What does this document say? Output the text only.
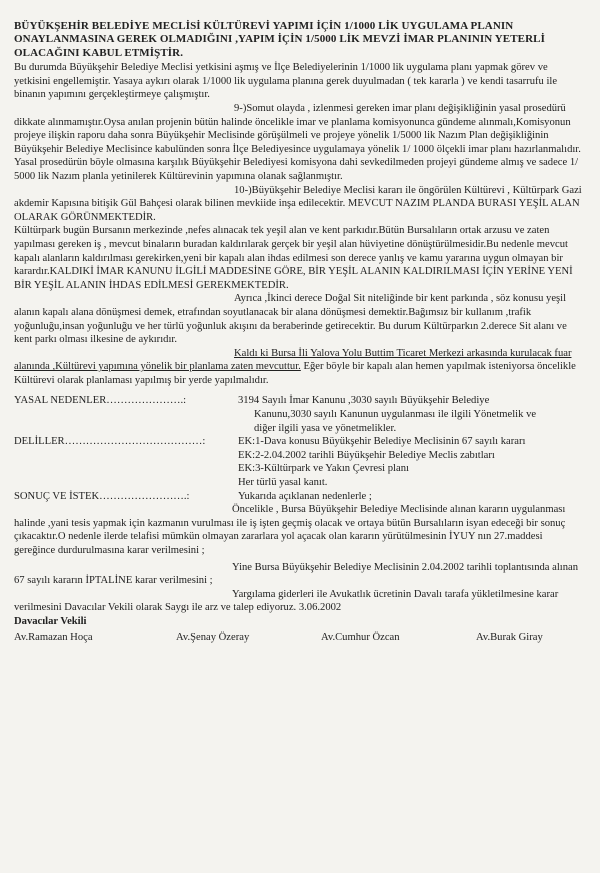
BÜYÜKŞEHİR BELEDİYE MECLİSİ KÜLTÜREVİ YAPIMI İÇİN 1/1000 LİK UYGULAMA PLANIN ONAYLANMASINA GEREK OLMADIĞINI ,YAPIM İÇİN 1/5000 LİK MEVZİ İMAR PLANININ YETERLİ OLACAĞINI KABUL ETMİŞTİR.

Bu durumda Büyükşehir Belediye Meclisi yetkisini aşmış ve İlçe Belediyelerinin 1/1000 lik uygulama planı yapmak görev ve yetkisini engellemiştir. Yasaya aykırı olarak 1/1000 lik uygulama planına gerek duyulmadan ( tek kararla ) ve kendi tasarrufu ile binanın yapımını gerçekleştirmeye çalışmıştır.

9-)Somut olayda , izlenmesi gereken imar planı değişikliğinin yasal prosedürü dikkate alınmamıştır.Oysa anılan projenin bütün halinde öncelikle imar ve planlama komisyonunca gündeme alınmalı,Komisyonun projeye ilişkin raporu daha sonra Büyükşehir Meclisinde görüşülmeli ve projeye yönelik 1/5000 lik Nazım Plan değişikliğinin Büyükşehir Belediye Meclisince kabulünden sonra İlçe Belediyesince uygulamaya yönelik 1/ 1000 ölçekli imar planı hazırlanmalıdır. Yasal prosedürün böyle olmasına karşılık Büyükşehir Belediyesi komisyona dahi sevkedilmeden projeyi gündeme almış ve sadece 1/ 5000 lik Nazım planla yetinilerek Kültürevinin yapımına olanak sağlanmıştır.

10-)Büyükşehir Belediye Meclisi kararı ile öngörülen Kültürevi , Kültürpark Gazi akdemir Kapısına bitişik Gül Bahçesi olarak bilinen mevkiide inşa edilecektir. MEVCUT NAZIM PLANDA BURASI YEŞİL ALAN OLARAK GÖRÜNMEKTEDİR.

Kültürpark bugün Bursanın merkezinde ,nefes alınacak tek yeşil alan ve kent parkıdır.Bütün Bursalıların ortak arzusu ve zaten yapılması gereken iş , mevcut binaların buradan kaldırılarak gerçek bir yeşil alan hüviyetine dönüştürülmesidir.Bu nedenle mevcut kapalı alanların kaldırılması gerekirken,yeni bir kapalı alan ihdas edilmesi son derece yanlış ve kamu yararına uygun olmayan bir karardır.KALDIKİ İMAR KANUNU İLGİLİ MADDESİNE GÖRE, BİR YEŞİL ALANIN KALDIRILMASI İÇİN YERİNE YENİ BİR YEŞİL ALANIN İHDAS EDİLMESİ GEREKMEKTEDİR.

Ayrıca ,İkinci derece Doğal Sit niteliğinde bir kent parkında , söz konusu yeşil alanın kapalı alana dönüşmesi demek, etrafından soyutlanacak bir alana dönüşmesi demektir.Bağımsız bir kullanım ,trafik yoğunluğu,insan yoğunluğu ve her türlü yoğunluk akışını da beraberinde getirecektir. Bu durum Kültürparkın 2.derece Sit alanı ve kent parkı olması ilkesine de aykırıdır.

Kaldı ki Bursa İli Yalova Yolu Buttim Ticaret Merkezi arkasında kurulacak fuar alanında ,Kültürevi yapımına yönelik bir planlama zaten mevcuttur. Eğer böyle bir kapalı alan hemen yapılmak isteniyorsa öncelikle Kültürevi olarak planlaması yapılmış bir yerde yapılmalıdır.

YASAL NEDENLER………………….:	3194 Sayılı İmar Kanunu ,3030 sayılı Büyükşehir Belediye
Kanunu,3030 sayılı Kanunun uygulanması ile ilgili Yönetmelik ve
diğer ilgili yasa ve yönetmelikler.
DELİLLER…………………………………:	EK:1-Dava konusu Büyükşehir Belediye Meclisinin 67 sayılı kararı
EK:2-2.04.2002 tarihli Büyükşehir Belediye Meclis zabıtları
EK:3-Kültürpark ve Yakın Çevresi planı
Her türlü yasal kanıt.
SONUÇ VE İSTEK…………………….:	Yukarıda açıklanan nedenlerle ;

Öncelikle , Bursa Büyükşehir Belediye Meclisinde alınan kararın uygulanması halinde ,yani tesis yapmak için kazmanın vurulması ile iş işten geçmiş olacak ve ortaya bütün Bursalıların isyan edeceği bir sonuç çıkacaktır.O nedenle ilerde telafisi mümkün olmayan zararlara yol açacak olan kararın yürütülmesinin İYUY nın 27.maddesi gereğince durdurulmasına karar verilmesini ;

Yine Bursa Büyükşehir Belediye Meclisinin 2.04.2002 tarihli toplantısında alınan 67 sayılı kararın İPTALİNE karar verilmesini ;

Yargılama giderleri ile Avukatlık ücretinin Davalı tarafa yükletilmesine karar verilmesini Davacılar Vekili olarak Saygı ile arz ve talep ediyoruz. 3.06.2002

Davacılar Vekili
Av.Ramazan Hoça	Av.Şenay Özeray	Av.Cumhur Özcan	Av.Burak Giray
